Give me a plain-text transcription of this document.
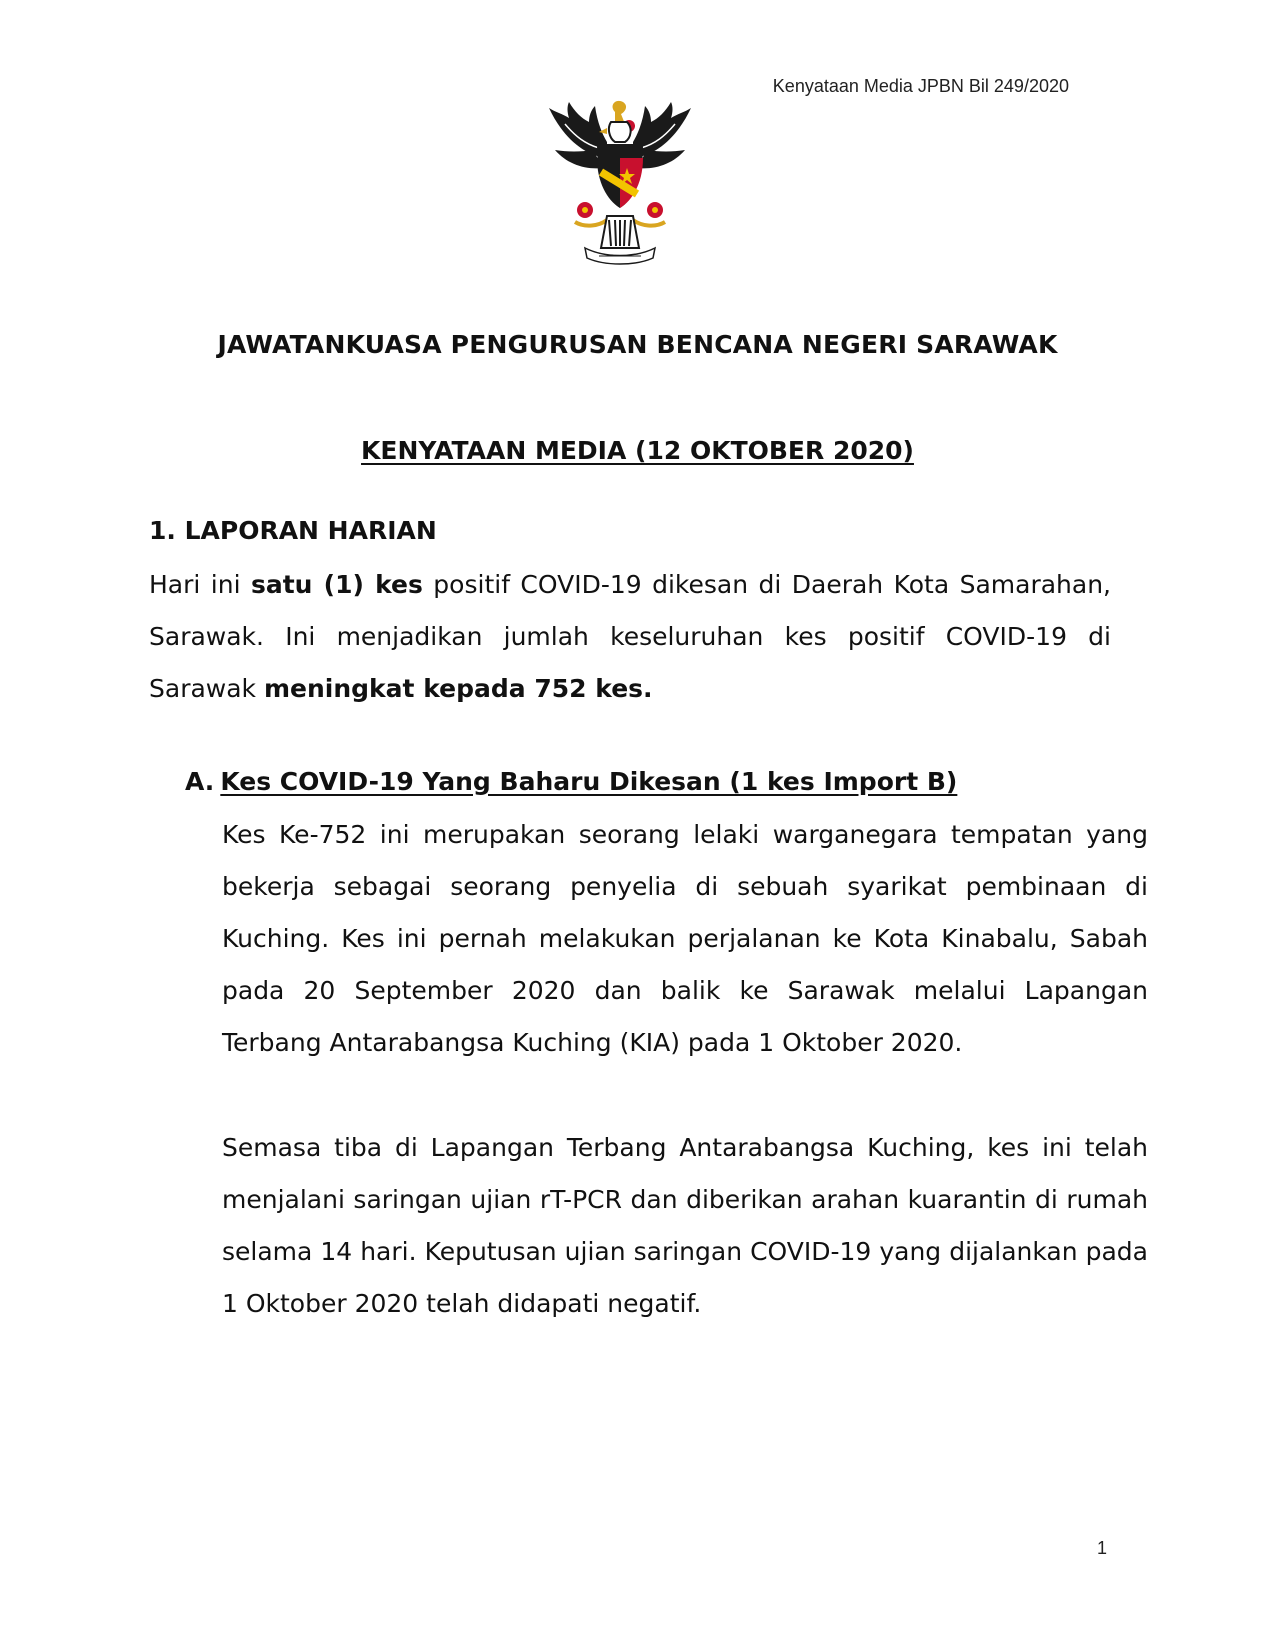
Kenyataan Media JPBN Bil 249/2020
JAWATANKUASA PENGURUSAN BENCANA NEGERI SARAWAK
KENYATAAN MEDIA (12 OKTOBER 2020)
1. LAPORAN HARIAN

Hari ini satu (1) kes positif COVID-19 dikesan di Daerah Kota Samarahan, Sarawak. Ini menjadikan jumlah keseluruhan kes positif COVID-19 di Sarawak meningkat kepada 752 kes.

A. Kes COVID-19 Yang Baharu Dikesan (1 kes Import B)

Kes Ke-752 ini merupakan seorang lelaki warganegara tempatan yang bekerja sebagai seorang penyelia di sebuah syarikat pembinaan di Kuching. Kes ini pernah melakukan perjalanan ke Kota Kinabalu, Sabah pada 20 September 2020 dan balik ke Sarawak melalui Lapangan Terbang Antarabangsa Kuching (KIA) pada 1 Oktober 2020.

Semasa tiba di Lapangan Terbang Antarabangsa Kuching, kes ini telah menjalani saringan ujian rT-PCR dan diberikan arahan kuarantin di rumah selama 14 hari. Keputusan ujian saringan COVID-19 yang dijalankan pada 1 Oktober 2020 telah didapati negatif.

1
